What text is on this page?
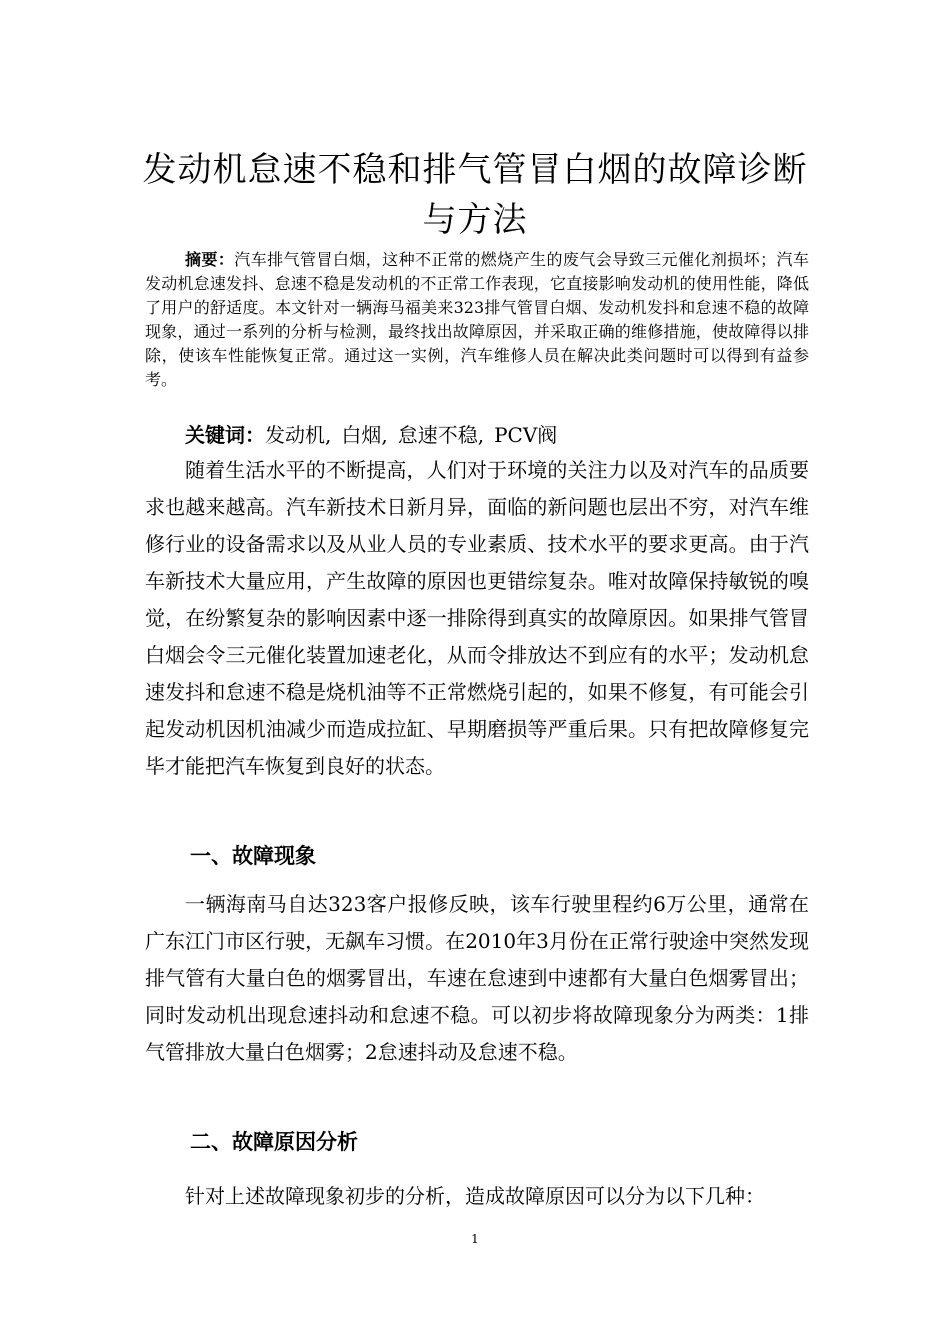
发动机怠速不稳和排气管冒白烟的故障诊断与方法

摘要：汽车排气管冒白烟，这种不正常的燃烧产生的废气会导致三元催化剂损坏；汽车发动机怠速发抖、怠速不稳是发动机的不正常工作表现，它直接影响发动机的使用性能，降低了用户的舒适度。本文针对一辆海马福美来323排气管冒白烟、发动机发抖和怠速不稳的故障现象，通过一系列的分析与检测，最终找出故障原因，并采取正确的维修措施，使故障得以排除，使该车性能恢复正常。通过这一实例，汽车维修人员在解决此类问题时可以得到有益参考。

关键词：发动机, 白烟, 怠速不稳, PCV阀

随着生活水平的不断提高，人们对于环境的关注力以及对汽车的品质要求也越来越高。汽车新技术日新月异，面临的新问题也层出不穷，对汽车维修行业的设备需求以及从业人员的专业素质、技术水平的要求更高。由于汽车新技术大量应用，产生故障的原因也更错综复杂。唯对故障保持敏锐的嗅觉，在纷繁复杂的影响因素中逐一排除得到真实的故障原因。如果排气管冒白烟会令三元催化装置加速老化，从而令排放达不到应有的水平；发动机怠速发抖和怠速不稳是烧机油等不正常燃烧引起的，如果不修复，有可能会引起发动机因机油减少而造成拉缸、早期磨损等严重后果。只有把故障修复完毕才能把汽车恢复到良好的状态。

一、故障现象

一辆海南马自达323客户报修反映，该车行驶里程约6万公里，通常在广东江门市区行驶，无飙车习惯。在2010年3月份在正常行驶途中突然发现排气管有大量白色的烟雾冒出，车速在怠速到中速都有大量白色烟雾冒出；同时发动机出现怠速抖动和怠速不稳。可以初步将故障现象分为两类：1排气管排放大量白色烟雾；2怠速抖动及怠速不稳。

二、故障原因分析

针对上述故障现象初步的分析，造成故障原因可以分为以下几种：

1
